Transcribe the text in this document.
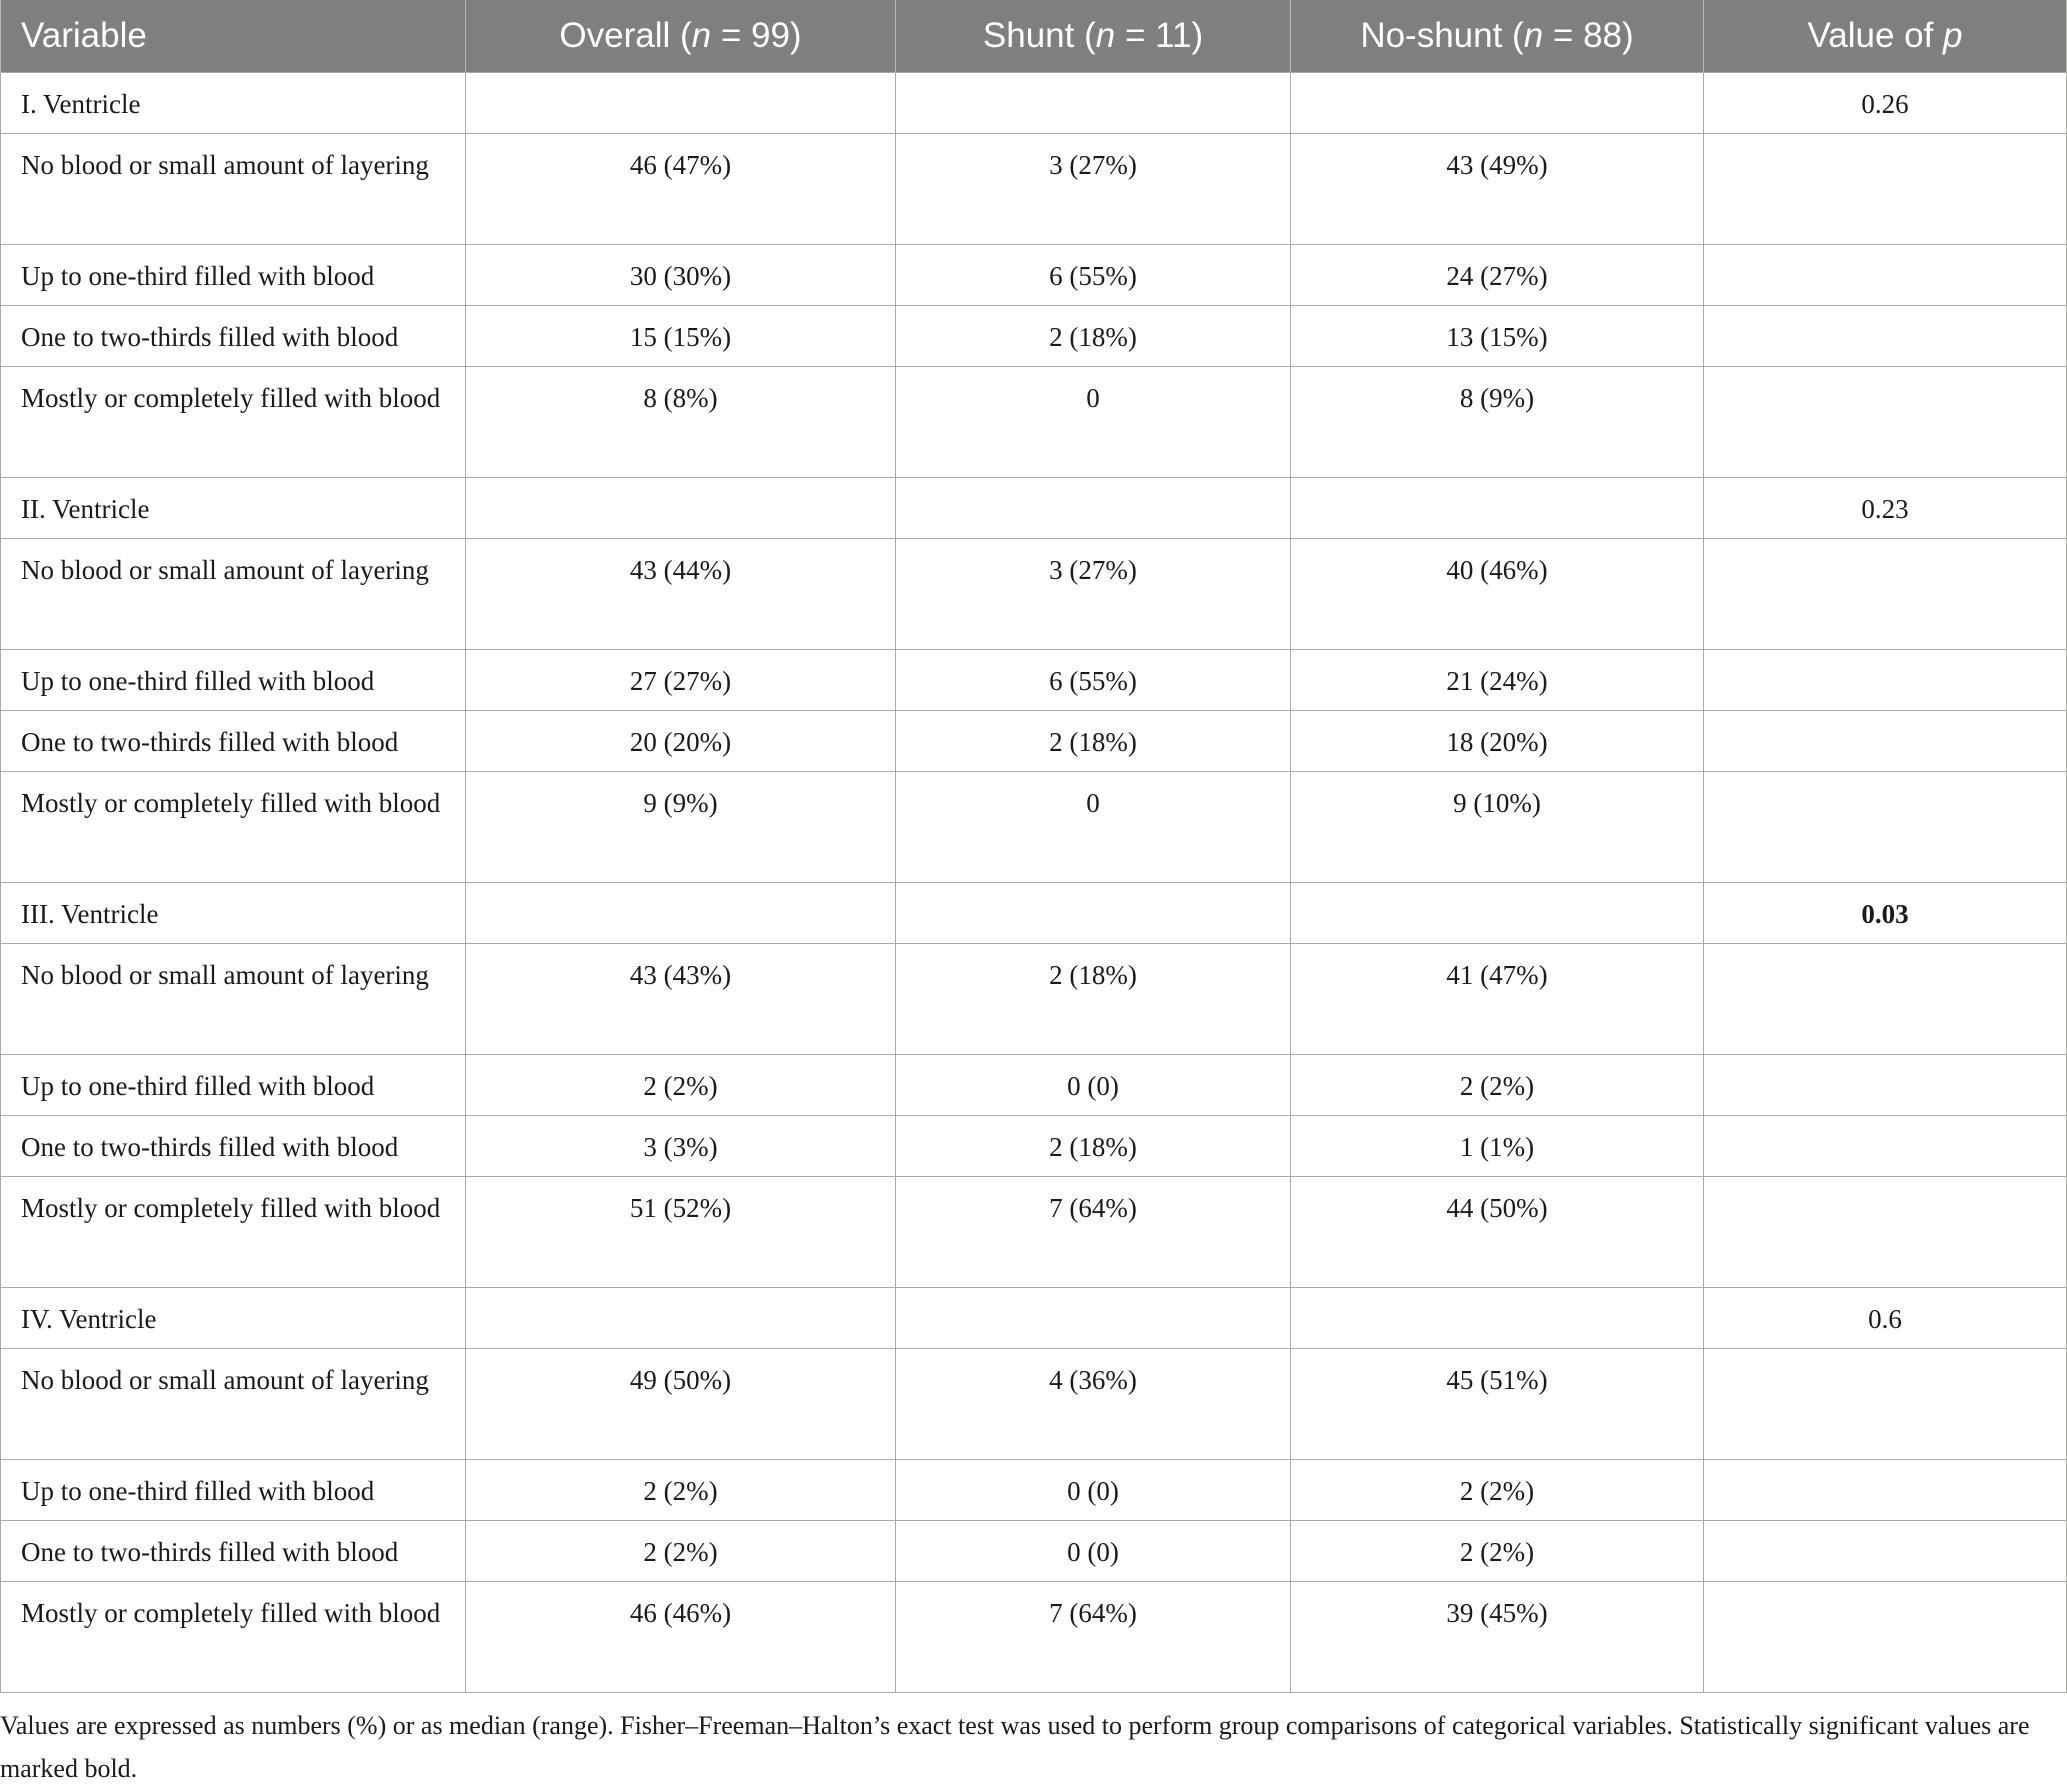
Variable	Overall (n = 99)	Shunt (n = 11)	No-shunt (n = 88)	Value of p
I. Ventricle				0.26
No blood or small amount of layering	46 (47%)	3 (27%)	43 (49%)	
Up to one-third filled with blood	30 (30%)	6 (55%)	24 (27%)	
One to two-thirds filled with blood	15 (15%)	2 (18%)	13 (15%)	
Mostly or completely filled with blood	8 (8%)	0	8 (9%)	
II. Ventricle				0.23
No blood or small amount of layering	43 (44%)	3 (27%)	40 (46%)	
Up to one-third filled with blood	27 (27%)	6 (55%)	21 (24%)	
One to two-thirds filled with blood	20 (20%)	2 (18%)	18 (20%)	
Mostly or completely filled with blood	9 (9%)	0	9 (10%)	
III. Ventricle				0.03
No blood or small amount of layering	43 (43%)	2 (18%)	41 (47%)	
Up to one-third filled with blood	2 (2%)	0 (0)	2 (2%)	
One to two-thirds filled with blood	3 (3%)	2 (18%)	1 (1%)	
Mostly or completely filled with blood	51 (52%)	7 (64%)	44 (50%)	
IV. Ventricle				0.6
No blood or small amount of layering	49 (50%)	4 (36%)	45 (51%)	
Up to one-third filled with blood	2 (2%)	0 (0)	2 (2%)	
One to two-thirds filled with blood	2 (2%)	0 (0)	2 (2%)	
Mostly or completely filled with blood	46 (46%)	7 (64%)	39 (45%)	
Values are expressed as numbers (%) or as median (range). Fisher–Freeman–Halton’s exact test was used to perform group comparisons of categorical variables. Statistically significant values are marked bold.
